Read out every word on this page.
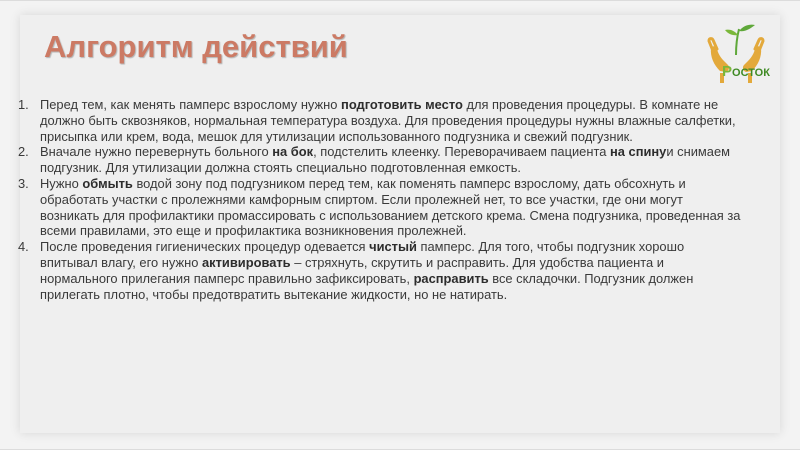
Алгоритм действий
РОСТОК
1. Перед тем, как менять памперс взрослому нужно подготовить место для проведения процедуры. В комнате не должно быть сквозняков, нормальная температура воздуха. Для проведения процедуры нужны влажные салфетки, присыпка или крем, вода, мешок для утилизации использованного подгузника и свежий подгузник.
2. Вначале нужно перевернуть больного на бок, подстелить клеенку. Переворачиваем пациента на спинуи снимаем подгузник. Для утилизации должна стоять специально подготовленная емкость.
3. Нужно обмыть водой зону под подгузником перед тем, как поменять памперс взрослому, дать обсохнуть и обработать участки с пролежнями камфорным спиртом. Если пролежней нет, то все участки, где они могут возникать для профилактики промассировать с использованием детского крема. Смена подгузника, проведенная за всеми правилами, это еще и профилактика возникновения пролежней.
4. После проведения гигиенических процедур одевается чистый памперс. Для того, чтобы подгузник хорошо впитывал влагу, его нужно активировать – стряхнуть, скрутить и расправить. Для удобства пациента и нормального прилегания памперс правильно зафиксировать, расправить все складочки. Подгузник должен прилегать плотно, чтобы предотвратить вытекание жидкости, но не натирать.
